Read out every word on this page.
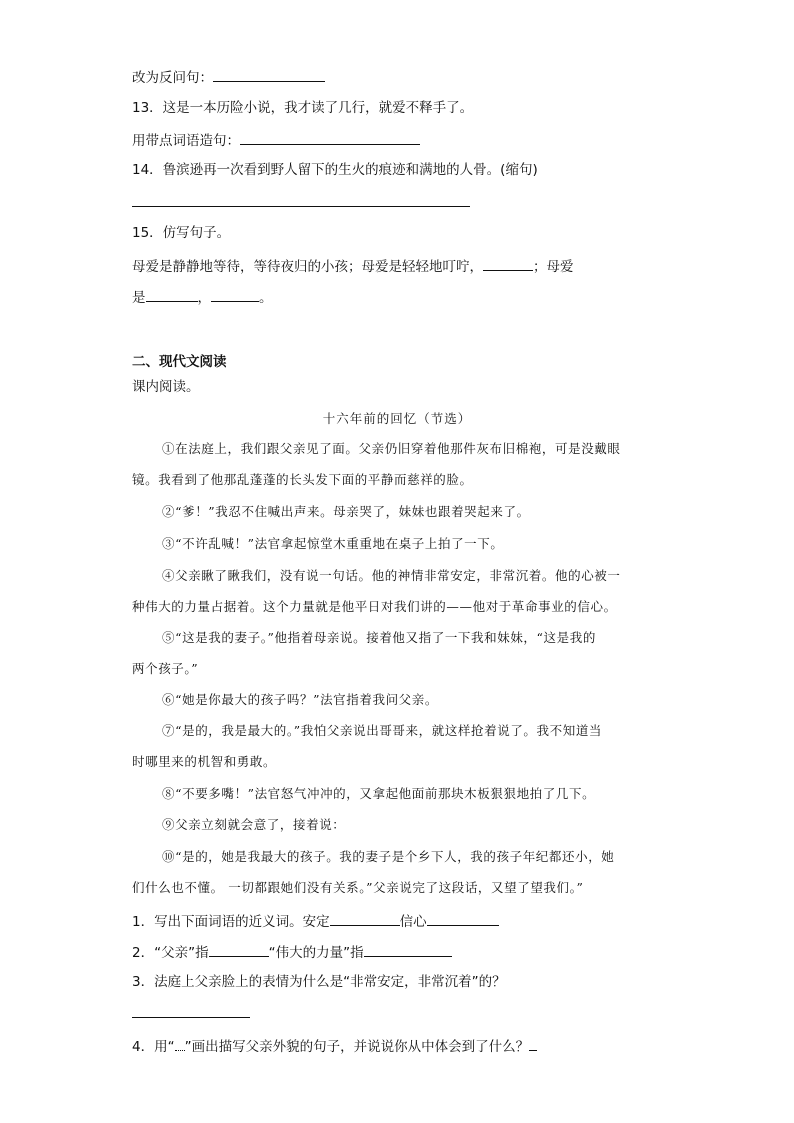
改为反问句：
13．这是一本历险小说，我才读了几行，就爱不释手了。
用带点词语造句：
14．鲁滨逊再一次看到野人留下的生火的痕迹和满地的人骨。(缩句)
15．仿写句子。
母爱是静静地等待，等待夜归的小孩；母爱是轻轻地叮咛，	；母爱
是	，	。
二、现代文阅读
课内阅读。
十六年前的回忆（节选）
①在法庭上，我们跟父亲见了面。父亲仍旧穿着他那件灰布旧棉袍，可是没戴眼
镜。我看到了他那乱蓬蓬的长头发下面的平静而慈祥的脸。
②“爹！”我忍不住喊出声来。母亲哭了，妹妹也跟着哭起来了。
③“不许乱喊！”法官拿起惊堂木重重地在桌子上拍了一下。
④父亲瞅了瞅我们，没有说一句话。他的神情非常安定，非常沉着。他的心被一
种伟大的力量占据着。这个力量就是他平日对我们讲的——他对于革命事业的信心。
⑤“这是我的妻子。”他指着母亲说。接着他又指了一下我和妹妹，“这是我的
两个孩子。”
⑥“她是你最大的孩子吗？”法官指着我问父亲。
⑦“是的，我是最大的。”我怕父亲说出哥哥来，就这样抢着说了。我不知道当
时哪里来的机智和勇敢。
⑧“不要多嘴！”法官怒气冲冲的，又拿起他面前那块木板狠狠地拍了几下。
⑨父亲立刻就会意了，接着说：
⑩“是的，她是我最大的孩子。我的妻子是个乡下人，我的孩子年纪都还小，她
们什么也不懂。 一切都跟她们没有关系。”父亲说完了这段话，又望了望我们。”
1．写出下面词语的近义词。安定	信心
2．“父亲”指	“伟大的力量”指
3．法庭上父亲脸上的表情为什么是“非常安定，非常沉着”的？
4．用“ ”画出描写父亲外貌的句子，并说说你从中体会到了什么？
